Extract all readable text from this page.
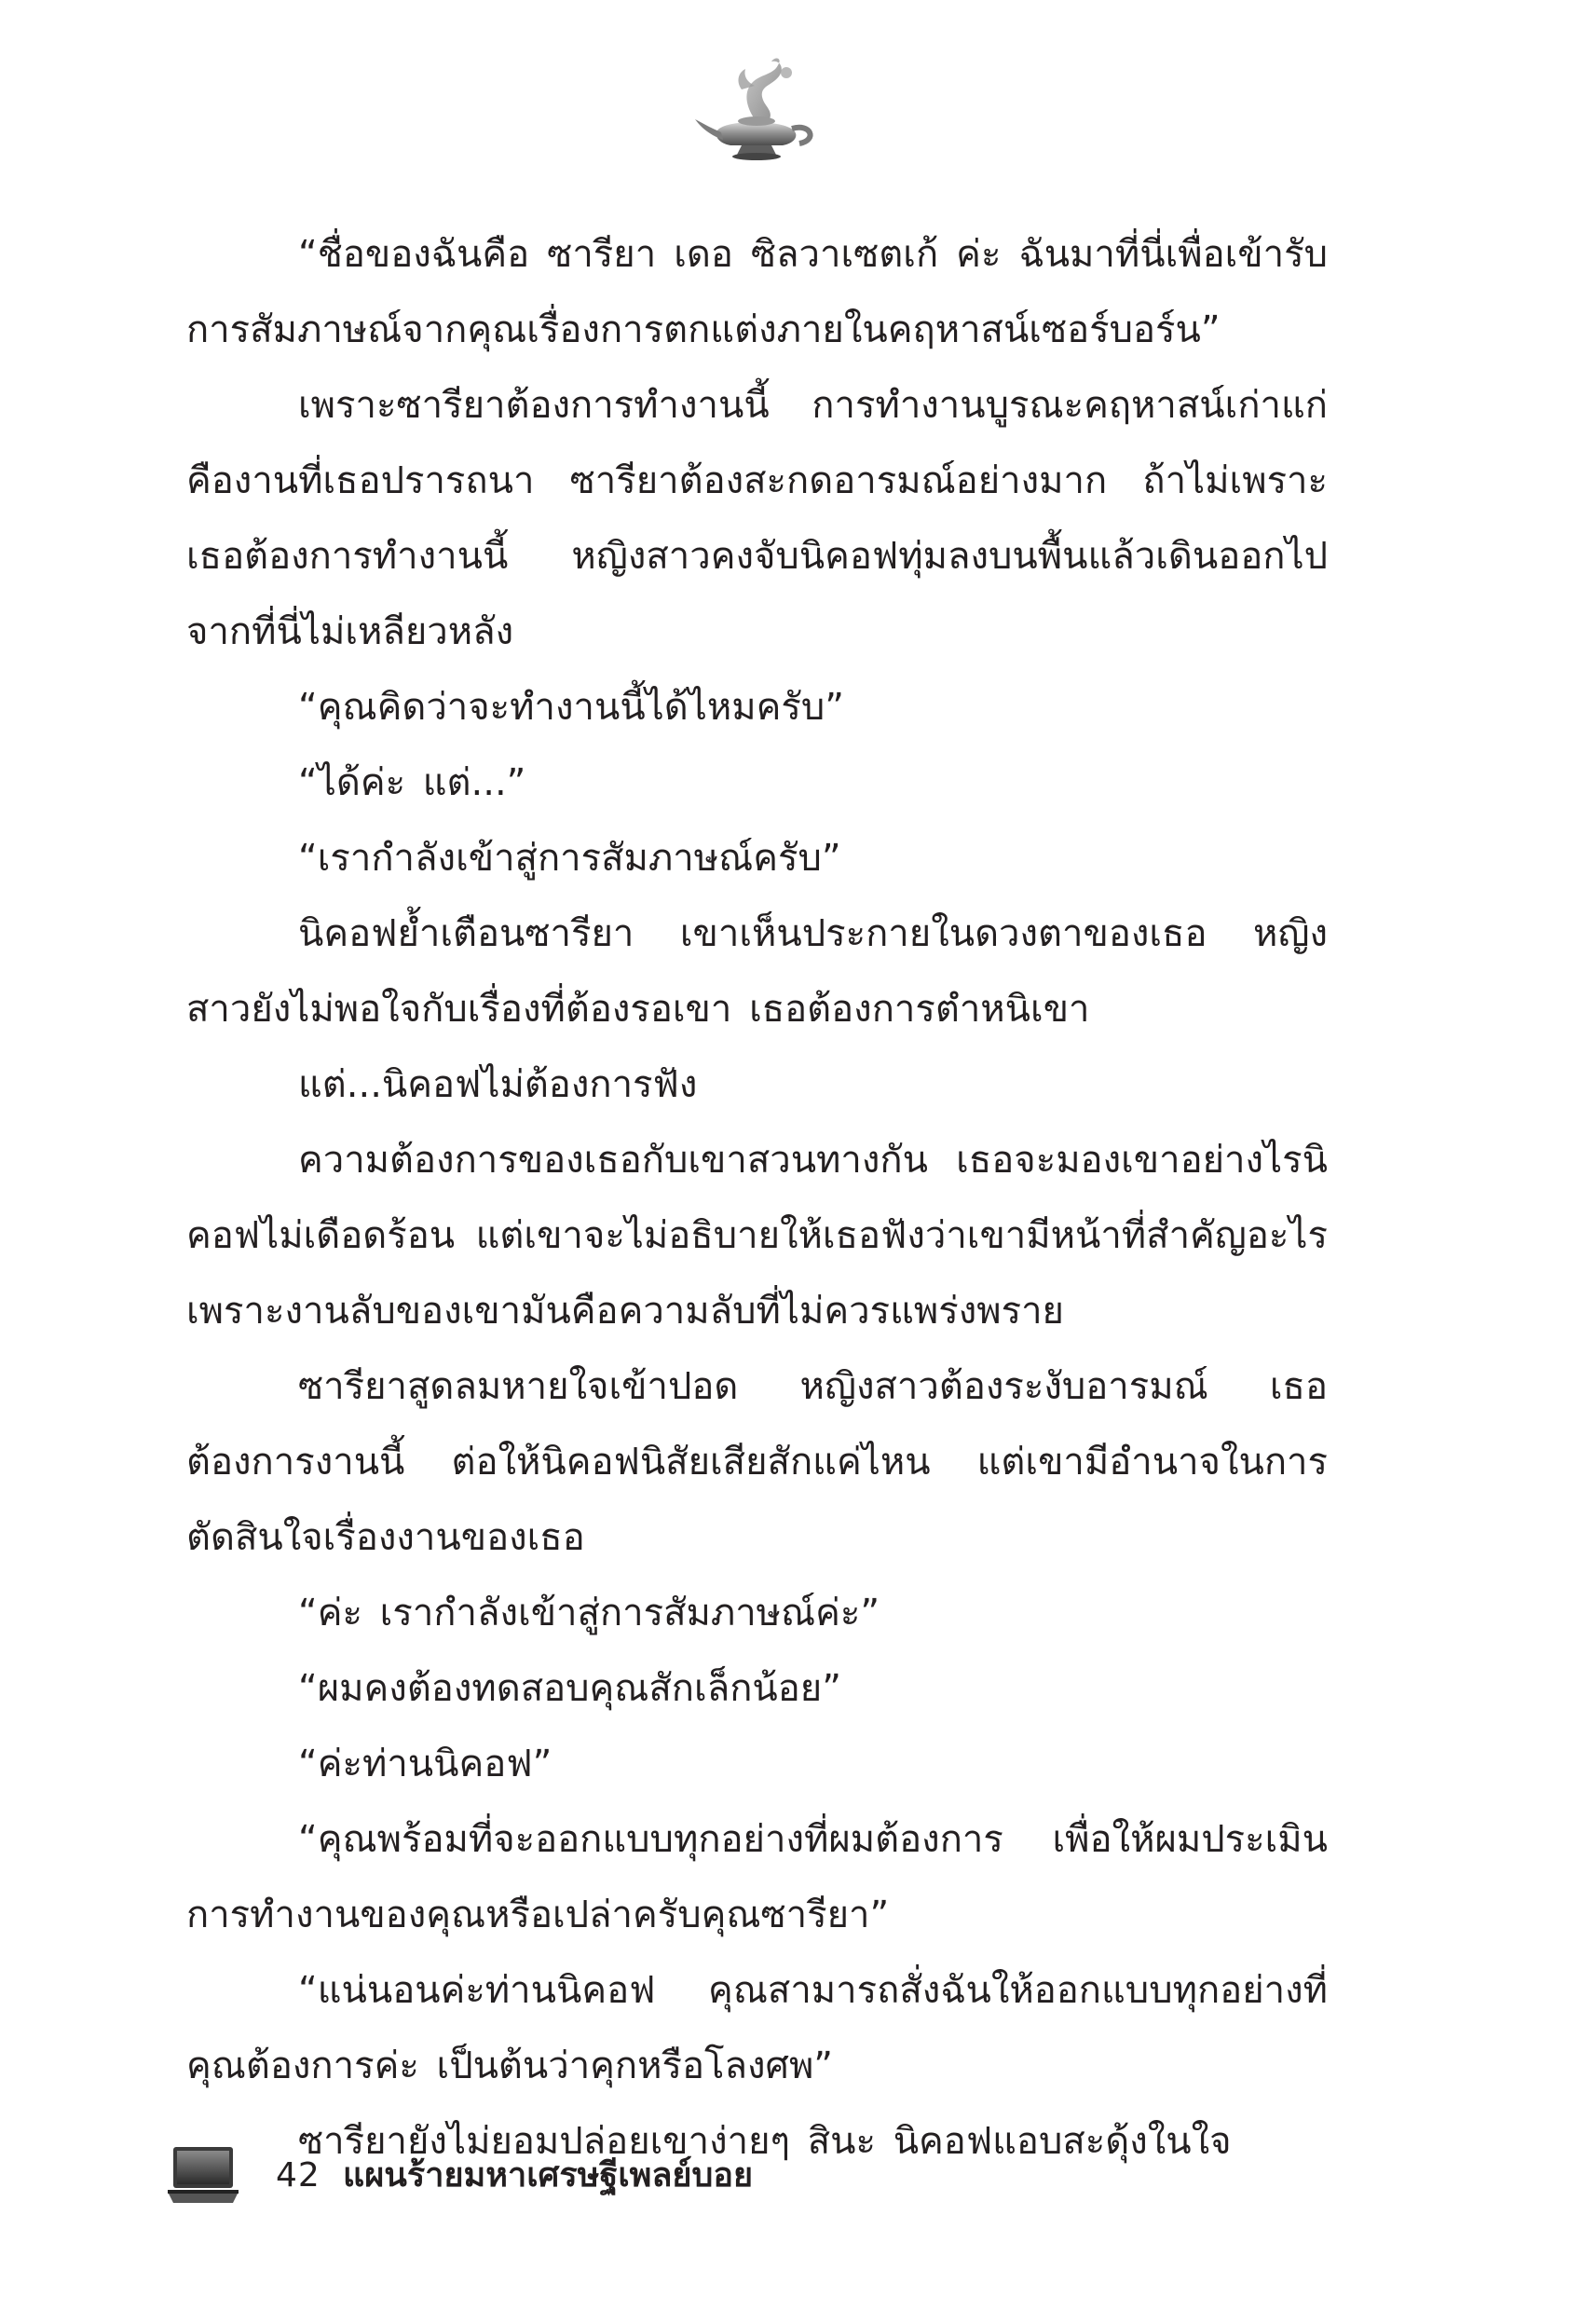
“ชื่อของฉันคือ ซารียา เดอ ซิลวาเซตเก้ ค่ะ ฉันมาที่นี่เพื่อเข้ารับการสัมภาษณ์จากคุณเรื่องการตกแต่งภายในคฤหาสน์เซอร์บอร์น”

เพราะซารียาต้องการทำงานนี้ การทำงานบูรณะคฤหาสน์เก่าแก่คืองานที่เธอปรารถนา ซารียาต้องสะกดอารมณ์อย่างมาก ถ้าไม่เพราะเธอต้องการทำงานนี้ หญิงสาวคงจับนิคอฟทุ่มลงบนพื้นแล้วเดินออกไปจากที่นี่ไม่เหลียวหลัง

“คุณคิดว่าจะทำงานนี้ได้ไหมครับ”

“ได้ค่ะ แต่...”

“เรากำลังเข้าสู่การสัมภาษณ์ครับ”

นิคอฟย้ำเตือนซารียา เขาเห็นประกายในดวงตาของเธอ หญิงสาวยังไม่พอใจกับเรื่องที่ต้องรอเขา เธอต้องการตำหนิเขา

แต่...นิคอฟไม่ต้องการฟัง

ความต้องการของเธอกับเขาสวนทางกัน เธอจะมองเขาอย่างไรนิคอฟไม่เดือดร้อน แต่เขาจะไม่อธิบายให้เธอฟังว่าเขามีหน้าที่สำคัญอะไร เพราะงานลับของเขามันคือความลับที่ไม่ควรแพร่งพราย

ซารียาสูดลมหายใจเข้าปอด หญิงสาวต้องระงับอารมณ์ เธอต้องการงานนี้ ต่อให้นิคอฟนิสัยเสียสักแค่ไหน แต่เขามีอำนาจในการตัดสินใจเรื่องงานของเธอ

“ค่ะ เรากำลังเข้าสู่การสัมภาษณ์ค่ะ”

“ผมคงต้องทดสอบคุณสักเล็กน้อย”

“ค่ะท่านนิคอฟ”

“คุณพร้อมที่จะออกแบบทุกอย่างที่ผมต้องการ เพื่อให้ผมประเมินการทำงานของคุณหรือเปล่าครับคุณซารียา”

“แน่นอนค่ะท่านนิคอฟ คุณสามารถสั่งฉันให้ออกแบบทุกอย่างที่คุณต้องการค่ะ เป็นต้นว่าคุกหรือโลงศพ”

ซารียายังไม่ยอมปล่อยเขาง่ายๆ สินะ นิคอฟแอบสะดุ้งในใจ

42 แผนร้ายมหาเศรษฐีเพลย์บอย
